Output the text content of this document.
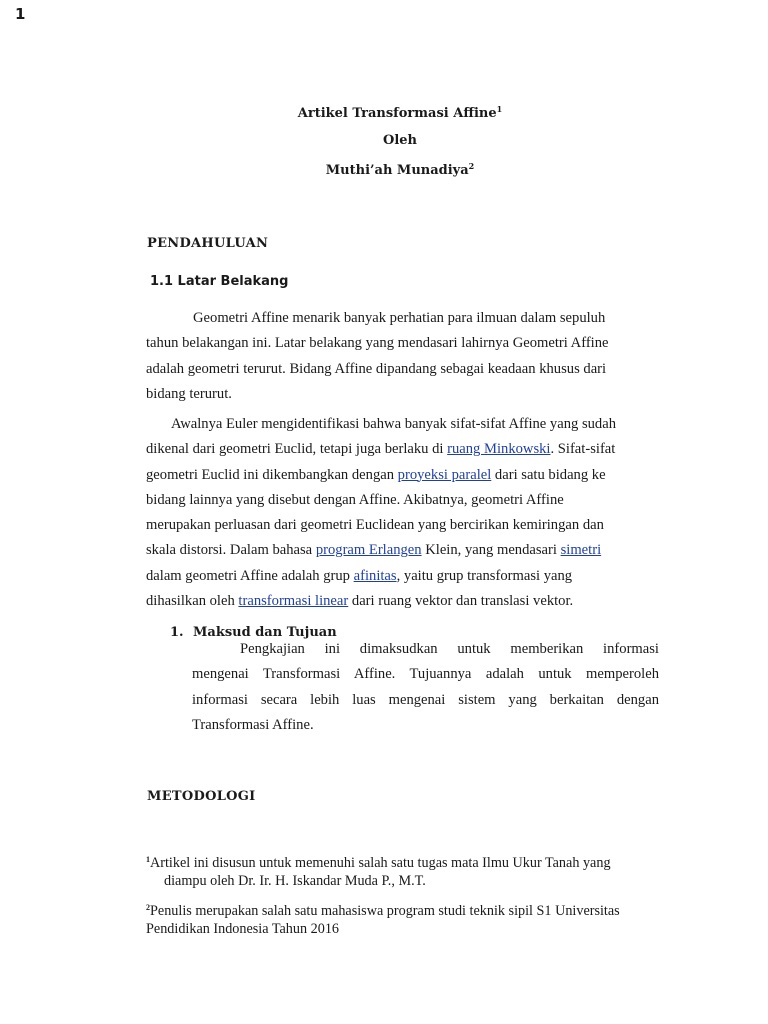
1
Artikel Transformasi Affine$^1$
Oleh
Muthi’ah Munadiya$^2$
PENDAHULUAN
1.1 Latar Belakang
Geometri Affine menarik banyak perhatian para ilmuan dalam sepuluh
tahun belakangan ini. Latar belakang yang mendasari lahirnya Geometri Affine
adalah geometri terurut. Bidang Affine dipandang sebagai keadaan khusus dari
bidang terurut.
Awalnya Euler mengidentifikasi bahwa banyak sifat-sifat Affine yang sudah
dikenal dari geometri Euclid, tetapi juga berlaku di ruang Minkowski. Sifat-sifat
geometri Euclid ini dikembangkan dengan proyeksi paralel dari satu bidang ke
bidang lainnya yang disebut dengan Affine. Akibatnya, geometri Affine
merupakan perluasan dari geometri Euclidean yang bercirikan kemiringan dan
skala distorsi. Dalam bahasa program Erlangen Klein, yang mendasari simetri
dalam geometri Affine adalah grup afinitas, yaitu grup transformasi yang
dihasilkan oleh transformasi linear dari ruang vektor dan translasi vektor.
1. Maksud dan Tujuan
Pengkajian ini dimaksudkan untuk memberikan informasi
mengenai Transformasi Affine. Tujuannya adalah untuk memperoleh
informasi secara lebih luas mengenai sistem yang berkaitan dengan
Transformasi Affine.
METODOLOGI
$^1$Artikel ini disusun untuk memenuhi salah satu tugas mata Ilmu Ukur Tanah yang
diampu oleh Dr. Ir. H. Iskandar Muda P., M.T.
$^2$Penulis merupakan salah satu mahasiswa program studi teknik sipil S1 Universitas
Pendidikan Indonesia Tahun 2016
